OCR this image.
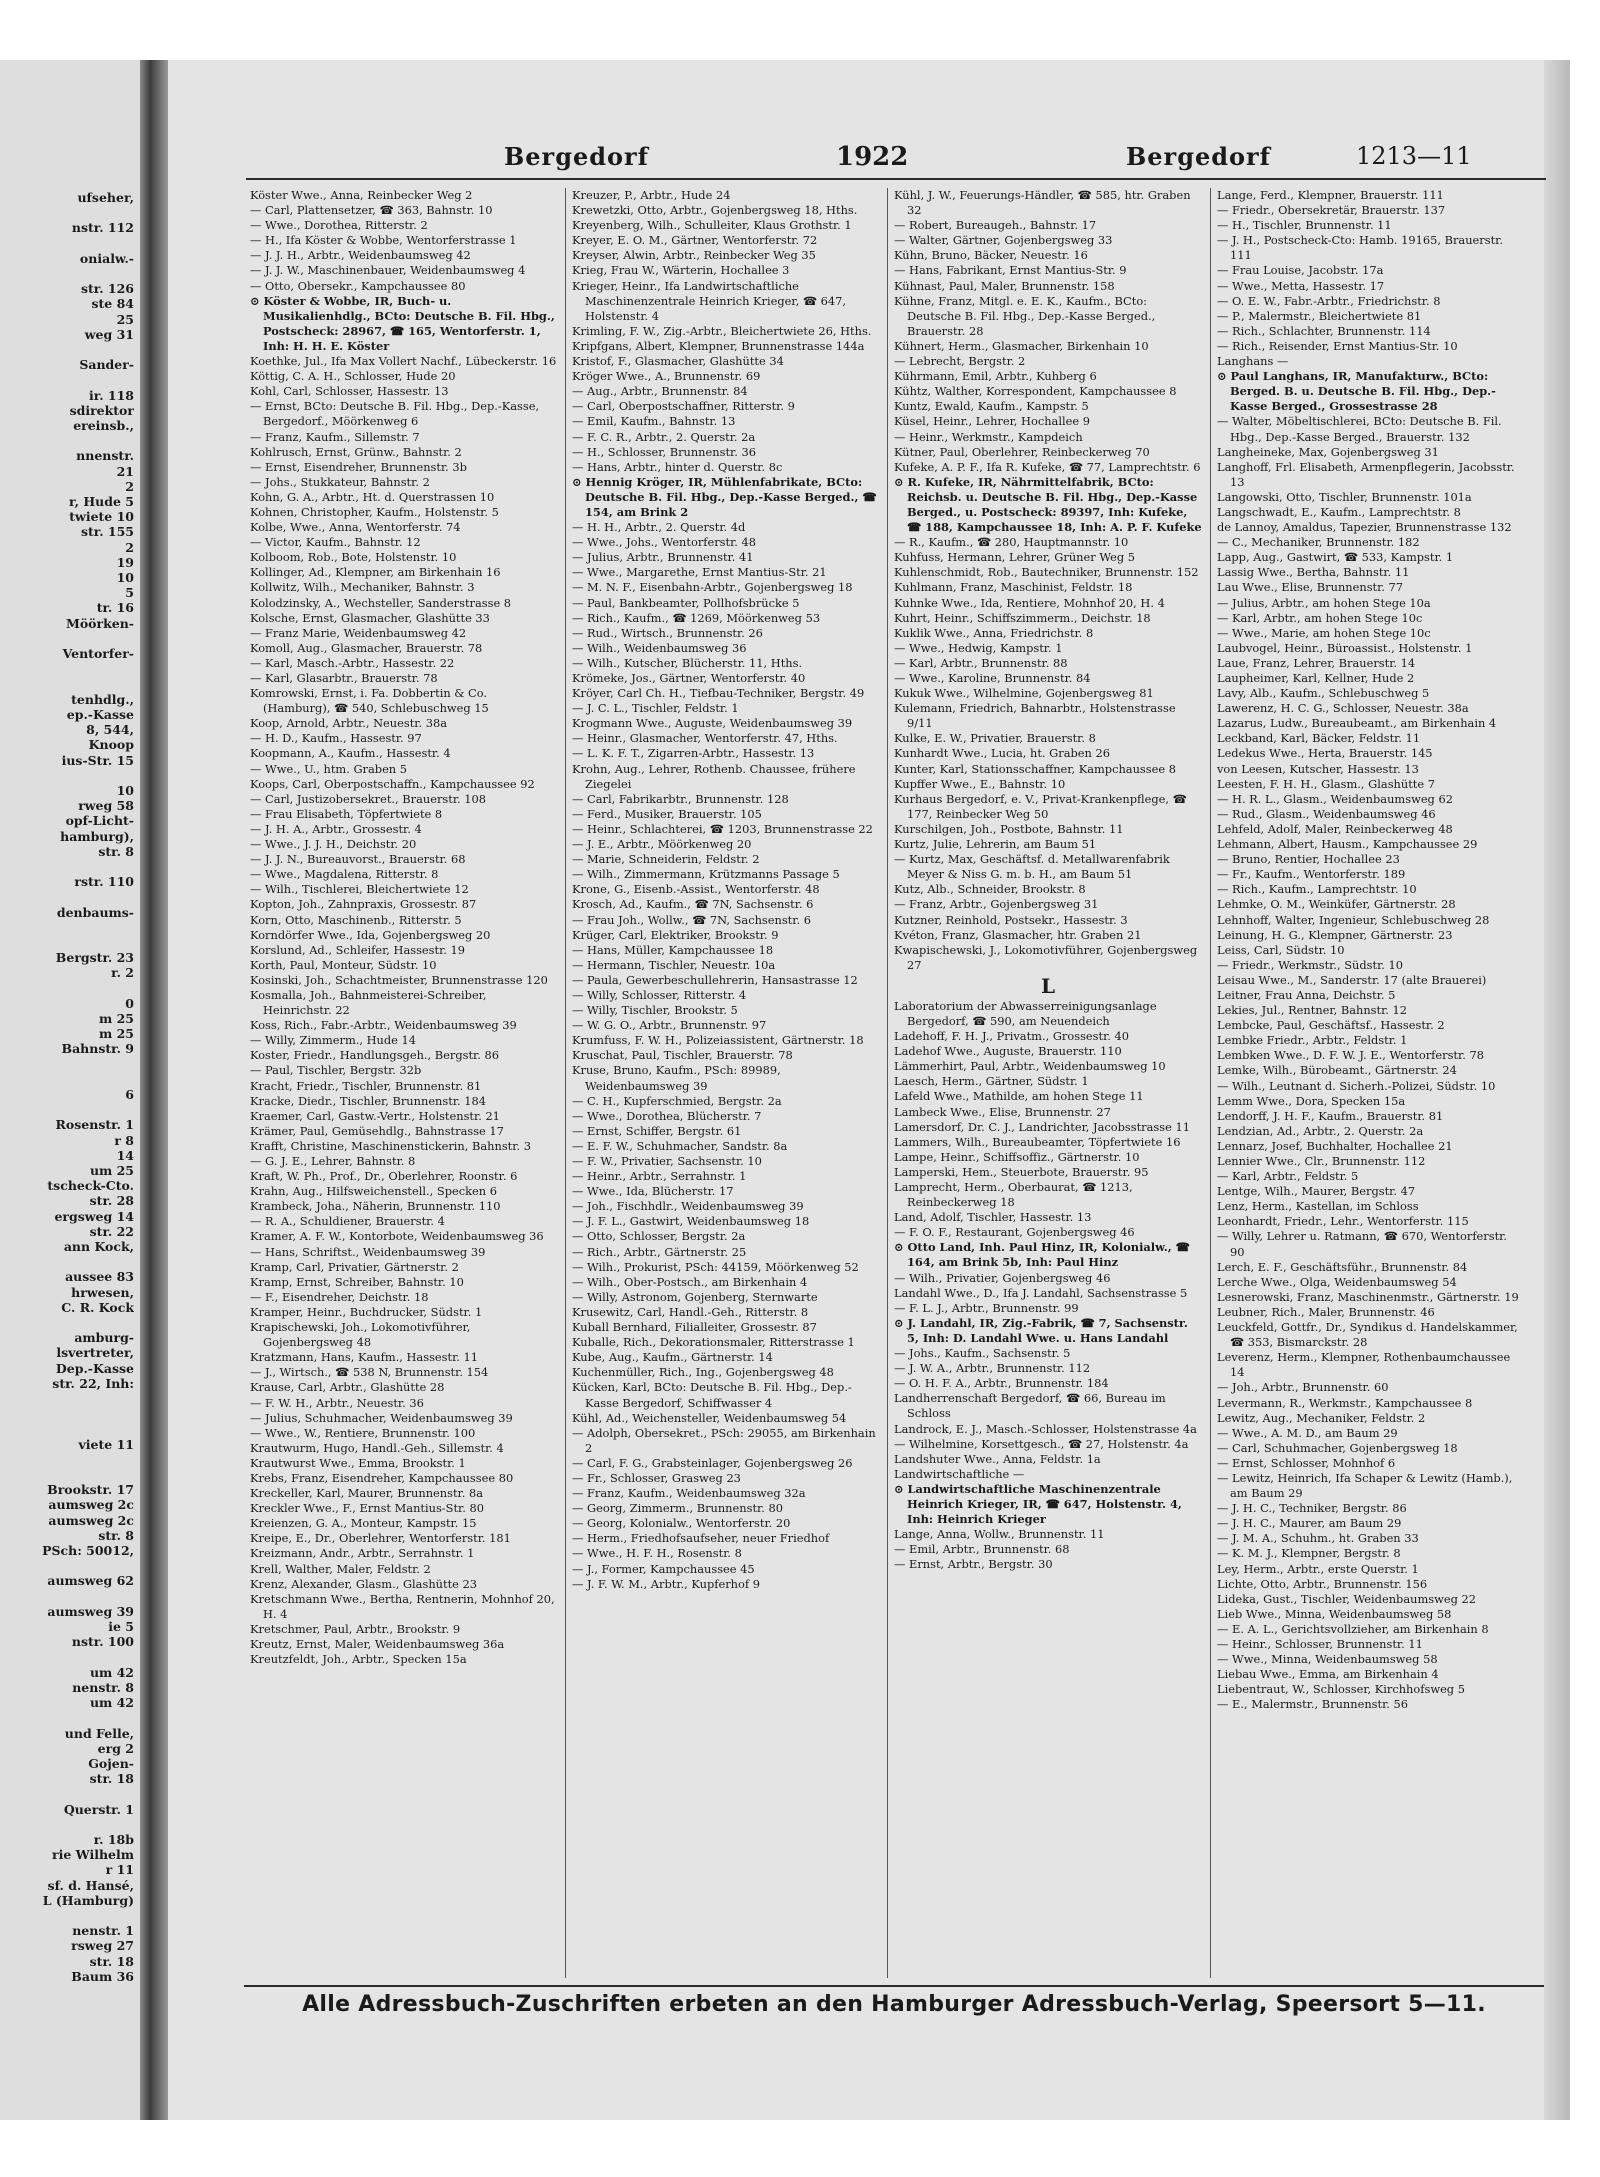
ufseher,

nstr. 112

onialw.-

str. 126
ste 84
25
weg 31

Sander-

ir. 118
sdirektor
ereinsb.,

nnenstr.
21
2
r, Hude 5
twiete 10
str. 155
2
19
10
5
tr. 16
Möörken-

Ventorfer-

tenhdlg.,
ep.-Kasse
8, 544,
Knoop
ius-Str. 15

10
rweg 58
opf-Licht-
hamburg),
str. 8

rstr. 110

denbaums-

Bergstr. 23
r. 2

0
m 25
m 25
Bahnstr. 9

6

Rosenstr. 1
r 8
14
um 25
tscheck-Cto.
str. 28
ergsweg 14
str. 22
ann Kock,

aussee 83
hrwesen,
C. R. Kock

amburg-
lsvertreter,
Dep.-Kasse
str. 22, Inh:

viete 11

Brookstr. 17
aumsweg 2c
aumsweg 2c
str. 8
PSch: 50012,

aumsweg 62

aumsweg 39
ie 5
nstr. 100

um 42
nenstr. 8
um 42

und Felle,
erg 2
Gojen-
str. 18

Querstr. 1

r. 18b
rie Wilhelm
r 11
sf. d. Hansé,
L (Hamburg)

nenstr. 1
rsweg 27
str. 18
Baum 36
Bergedorf	1922	Bergedorf	1213—11
Köster Wwe., Anna, Reinbecker Weg 2
— Carl, Plattensetzer, ☎ 363, Bahnstr. 10
— Wwe., Dorothea, Ritterstr. 2
— H., Ifa Köster & Wobbe, Wentorferstrasse 1
— J. J. H., Arbtr., Weidenbaumsweg 42
— J. J. W., Maschinenbauer, Weidenbaumsweg 4
— Otto, Obersekr., Kampchaussee 80
⊙ Köster & Wobbe, IR, Buch- u. Musikalienhdlg., BCto: Deutsche B. Fil. Hbg., Postscheck: 28967, ☎ 165, Wentorferstr. 1, Inh: H. H. E. Köster
Koethke, Jul., Ifa Max Vollert Nachf., Lübeckerstr. 16
Köttig, C. A. H., Schlosser, Hude 20
Kohl, Carl, Schlosser, Hassestr. 13
— Ernst, BCto: Deutsche B. Fil. Hbg., Dep.-Kasse, Bergedorf., Möörkenweg 6
— Franz, Kaufm., Sillemstr. 7
Kohlrusch, Ernst, Grünw., Bahnstr. 2
— Ernst, Eisendreher, Brunnenstr. 3b
— Johs., Stukkateur, Bahnstr. 2
Kohn, G. A., Arbtr., Ht. d. Querstrassen 10
Kohnen, Christopher, Kaufm., Holstenstr. 5
Kolbe, Wwe., Anna, Wentorferstr. 74
— Victor, Kaufm., Bahnstr. 12
Kolboom, Rob., Bote, Holstenstr. 10
Kollinger, Ad., Klempner, am Birkenhain 16
Kollwitz, Wilh., Mechaniker, Bahnstr. 3
Kolodzinsky, A., Wechsteller, Sanderstrasse 8
Kolsche, Ernst, Glasmacher, Glashütte 33
— Franz Marie, Weidenbaumsweg 42
Komoll, Aug., Glasmacher, Brauerstr. 78
— Karl, Masch.-Arbtr., Hassestr. 22
— Karl, Glasarbtr., Brauerstr. 78
Komrowski, Ernst, i. Fa. Dobbertin & Co. (Hamburg), ☎ 540, Schlebuschweg 15
Koop, Arnold, Arbtr., Neuestr. 38a
— H. D., Kaufm., Hassestr. 97
Koopmann, A., Kaufm., Hassestr. 4
— Wwe., U., htm. Graben 5
Koops, Carl, Oberpostschaffn., Kampchaussee 92
— Carl, Justizobersekret., Brauerstr. 108
— Frau Elisabeth, Töpfertwiete 8
— J. H. A., Arbtr., Grossestr. 4
— Wwe., J. J. H., Deichstr. 20
— J. J. N., Bureauvorst., Brauerstr. 68
— Wwe., Magdalena, Ritterstr. 8
— Wilh., Tischlerei, Bleichertwiete 12
Kopton, Joh., Zahnpraxis, Grossestr. 87
Korn, Otto, Maschinenb., Ritterstr. 5
Korndörfer Wwe., Ida, Gojenbergsweg 20
Korslund, Ad., Schleifer, Hassestr. 19
Korth, Paul, Monteur, Südstr. 10
Kosinski, Joh., Schachtmeister, Brunnenstrasse 120
Kosmalla, Joh., Bahnmeisterei-Schreiber, Heinrichstr. 22
Koss, Rich., Fabr.-Arbtr., Weidenbaumsweg 39
— Willy, Zimmerm., Hude 14
Koster, Friedr., Handlungsgeh., Bergstr. 86
— Paul, Tischler, Bergstr. 32b
Kracht, Friedr., Tischler, Brunnenstr. 81
Kracke, Diedr., Tischler, Brunnenstr. 184
Kraemer, Carl, Gastw.-Vertr., Holstenstr. 21
Krämer, Paul, Gemüsehdlg., Bahnstrasse 17
Krafft, Christine, Maschinenstickerin, Bahnstr. 3
— G. J. E., Lehrer, Bahnstr. 8
Kraft, W. Ph., Prof., Dr., Oberlehrer, Roonstr. 6
Krahn, Aug., Hilfsweichenstell., Specken 6
Krambeck, Joha., Näherin, Brunnenstr. 110
— R. A., Schuldiener, Brauerstr. 4
Kramer, A. F. W., Kontorbote, Weidenbaumsweg 36
— Hans, Schriftst., Weidenbaumsweg 39
Kramp, Carl, Privatier, Gärtnerstr. 2
Kramp, Ernst, Schreiber, Bahnstr. 10
— F., Eisendreher, Deichstr. 18
Kramper, Heinr., Buchdrucker, Südstr. 1
Krapischewski, Joh., Lokomotivführer, Gojenbergsweg 48
Kratzmann, Hans, Kaufm., Hassestr. 11
— J., Wirtsch., ☎ 538 N, Brunnenstr. 154
Krause, Carl, Arbtr., Glashütte 28
— F. W. H., Arbtr., Neuestr. 36
— Julius, Schuhmacher, Weidenbaumsweg 39
— Wwe., W., Rentiere, Brunnenstr. 100
Krautwurm, Hugo, Handl.-Geh., Sillemstr. 4
Krautwurst Wwe., Emma, Brookstr. 1
Krebs, Franz, Eisendreher, Kampchaussee 80
Kreckeller, Karl, Maurer, Brunnenstr. 8a
Kreckler Wwe., F., Ernst Mantius-Str. 80
Kreienzen, G. A., Monteur, Kampstr. 15
Kreipe, E., Dr., Oberlehrer, Wentorferstr. 181
Kreizmann, Andr., Arbtr., Serrahnstr. 1
Krell, Walther, Maler, Feldstr. 2
Krenz, Alexander, Glasm., Glashütte 23
Kretschmann Wwe., Bertha, Rentnerin, Mohnhof 20, H. 4
Kretschmer, Paul, Arbtr., Brookstr. 9
Kreutz, Ernst, Maler, Weidenbaumsweg 36a
Kreutzfeldt, Joh., Arbtr., Specken 15a
Kreuzer, P., Arbtr., Hude 24
Krewetzki, Otto, Arbtr., Gojenbergsweg 18, Hths.
Kreyenberg, Wilh., Schulleiter, Klaus Grothstr. 1
Kreyer, E. O. M., Gärtner, Wentorferstr. 72
Kreyser, Alwin, Arbtr., Reinbecker Weg 35
Krieg, Frau W., Wärterin, Hochallee 3
Krieger, Heinr., Ifa Landwirtschaftliche Maschinenzentrale Heinrich Krieger, ☎ 647, Holstenstr. 4
Krimling, F. W., Zig.-Arbtr., Bleichertwiete 26, Hths.
Kripfgans, Albert, Klempner, Brunnenstrasse 144a
Kristof, F., Glasmacher, Glashütte 34
Kröger Wwe., A., Brunnenstr. 69
— Aug., Arbtr., Brunnenstr. 84
— Carl, Oberpostschaffner, Ritterstr. 9
— Emil, Kaufm., Bahnstr. 13
— F. C. R., Arbtr., 2. Querstr. 2a
— H., Schlosser, Brunnenstr. 36
— Hans, Arbtr., hinter d. Querstr. 8c
⊙ Hennig Kröger, IR, Mühlenfabrikate, BCto: Deutsche B. Fil. Hbg., Dep.-Kasse Berged., ☎ 154, am Brink 2
— H. H., Arbtr., 2. Querstr. 4d
— Wwe., Johs., Wentorferstr. 48
— Julius, Arbtr., Brunnenstr. 41
— Wwe., Margarethe, Ernst Mantius-Str. 21
— M. N. F., Eisenbahn-Arbtr., Gojenbergsweg 18
— Paul, Bankbeamter, Pollhofsbrücke 5
— Rich., Kaufm., ☎ 1269, Möörkenweg 53
— Rud., Wirtsch., Brunnenstr. 26
— Wilh., Weidenbaumsweg 36
— Wilh., Kutscher, Blücherstr. 11, Hths.
Krömeke, Jos., Gärtner, Wentorferstr. 40
Kröyer, Carl Ch. H., Tiefbau-Techniker, Bergstr. 49
— J. C. L., Tischler, Feldstr. 1
Krogmann Wwe., Auguste, Weidenbaumsweg 39
— Heinr., Glasmacher, Wentorferstr. 47, Hths.
— L. K. F. T., Zigarren-Arbtr., Hassestr. 13
Krohn, Aug., Lehrer, Rothenb. Chaussee, frühere Ziegelei
— Carl, Fabrikarbtr., Brunnenstr. 128
— Ferd., Musiker, Brauerstr. 105
— Heinr., Schlachterei, ☎ 1203, Brunnenstrasse 22
— J. E., Arbtr., Möörkenweg 20
— Marie, Schneiderin, Feldstr. 2
— Wilh., Zimmermann, Krützmanns Passage 5
Krone, G., Eisenb.-Assist., Wentorferstr. 48
Krosch, Ad., Kaufm., ☎ 7N, Sachsenstr. 6
— Frau Joh., Wollw., ☎ 7N, Sachsenstr. 6
Krüger, Carl, Elektriker, Brookstr. 9
— Hans, Müller, Kampchaussee 18
— Hermann, Tischler, Neuestr. 10a
— Paula, Gewerbeschullehrerin, Hansastrasse 12
— Willy, Schlosser, Ritterstr. 4
— Willy, Tischler, Brookstr. 5
— W. G. O., Arbtr., Brunnenstr. 97
Krumfuss, F. W. H., Polizeiassistent, Gärtnerstr. 18
Kruschat, Paul, Tischler, Brauerstr. 78
Kruse, Bruno, Kaufm., PSch: 89989, Weidenbaumsweg 39
— C. H., Kupferschmied, Bergstr. 2a
— Wwe., Dorothea, Blücherstr. 7
— Ernst, Schiffer, Bergstr. 61
— E. F. W., Schuhmacher, Sandstr. 8a
— F. W., Privatier, Sachsenstr. 10
— Heinr., Arbtr., Serrahnstr. 1
— Wwe., Ida, Blücherstr. 17
— Joh., Fischhdlr., Weidenbaumsweg 39
— J. F. L., Gastwirt, Weidenbaumsweg 18
— Otto, Schlosser, Bergstr. 2a
— Rich., Arbtr., Gärtnerstr. 25
— Wilh., Prokurist, PSch: 44159, Möörkenweg 52
— Wilh., Ober-Postsch., am Birkenhain 4
— Willy, Astronom, Gojenberg, Sternwarte
Krusewitz, Carl, Handl.-Geh., Ritterstr. 8
Kuball Bernhard, Filialleiter, Grossestr. 87
Kuballe, Rich., Dekorationsmaler, Ritterstrasse 1
Kube, Aug., Kaufm., Gärtnerstr. 14
Kuchenmüller, Rich., Ing., Gojenbergsweg 48
Kücken, Karl, BCto: Deutsche B. Fil. Hbg., Dep.-Kasse Bergedorf, Schiffwasser 4
Kühl, Ad., Weichensteller, Weidenbaumsweg 54
— Adolph, Obersekret., PSch: 29055, am Birkenhain 2
— Carl, F. G., Grabsteinlager, Gojenbergsweg 26
— Fr., Schlosser, Grasweg 23
— Franz, Kaufm., Weidenbaumsweg 32a
— Georg, Zimmerm., Brunnenstr. 80
— Georg, Kolonialw., Wentorferstr. 20
— Herm., Friedhofsaufseher, neuer Friedhof
— Wwe., H. F. H., Rosenstr. 8
— J., Former, Kampchaussee 45
— J. F. W. M., Arbtr., Kupferhof 9
Kühl, J. W., Feuerungs-Händler, ☎ 585, htr. Graben 32
— Robert, Bureaugeh., Bahnstr. 17
— Walter, Gärtner, Gojenbergsweg 33
Kühn, Bruno, Bäcker, Neuestr. 16
— Hans, Fabrikant, Ernst Mantius-Str. 9
Kühnast, Paul, Maler, Brunnenstr. 158
Kühne, Franz, Mitgl. e. E. K., Kaufm., BCto: Deutsche B. Fil. Hbg., Dep.-Kasse Berged., Brauerstr. 28
Kühnert, Herm., Glasmacher, Birkenhain 10
— Lebrecht, Bergstr. 2
Kührmann, Emil, Arbtr., Kuhberg 6
Kühtz, Walther, Korrespondent, Kampchaussee 8
Kuntz, Ewald, Kaufm., Kampstr. 5
Küsel, Heinr., Lehrer, Hochallee 9
— Heinr., Werkmstr., Kampdeich
Kütner, Paul, Oberlehrer, Reinbeckerweg 70
Kufeke, A. P. F., Ifa R. Kufeke, ☎ 77, Lamprechtstr. 6
⊙ R. Kufeke, IR, Nährmittelfabrik, BCto: Reichsb. u. Deutsche B. Fil. Hbg., Dep.-Kasse Berged., u. Postscheck: 89397, Inh: Kufeke, ☎ 188, Kampchaussee 18, Inh: A. P. F. Kufeke
— R., Kaufm., ☎ 280, Hauptmannstr. 10
Kuhfuss, Hermann, Lehrer, Grüner Weg 5
Kuhlenschmidt, Rob., Bautechniker, Brunnenstr. 152
Kuhlmann, Franz, Maschinist, Feldstr. 18
Kuhnke Wwe., Ida, Rentiere, Mohnhof 20, H. 4
Kuhrt, Heinr., Schiffszimmerm., Deichstr. 18
Kuklik Wwe., Anna, Friedrichstr. 8
— Wwe., Hedwig, Kampstr. 1
— Karl, Arbtr., Brunnenstr. 88
— Wwe., Karoline, Brunnenstr. 84
Kukuk Wwe., Wilhelmine, Gojenbergsweg 81
Kulemann, Friedrich, Bahnarbtr., Holstenstrasse 9/11
Kulke, E. W., Privatier, Brauerstr. 8
Kunhardt Wwe., Lucia, ht. Graben 26
Kunter, Karl, Stationsschaffner, Kampchaussee 8
Kupffer Wwe., E., Bahnstr. 10
Kurhaus Bergedorf, e. V., Privat-Krankenpflege, ☎ 177, Reinbecker Weg 50
Kurschilgen, Joh., Postbote, Bahnstr. 11
Kurtz, Julie, Lehrerin, am Baum 51
— Kurtz, Max, Geschäftsf. d. Metallwarenfabrik Meyer & Niss G. m. b. H., am Baum 51
Kutz, Alb., Schneider, Brookstr. 8
— Franz, Arbtr., Gojenbergsweg 31
Kutzner, Reinhold, Postsekr., Hassestr. 3
Kvéton, Franz, Glasmacher, htr. Graben 21
Kwapischewski, J., Lokomotivführer, Gojenbergsweg 27
L
Laboratorium der Abwasserreinigungsanlage Bergedorf, ☎ 590, am Neuendeich
Ladehoff, F. H. J., Privatm., Grossestr. 40
Ladehof Wwe., Auguste, Brauerstr. 110
Lämmerhirt, Paul, Arbtr., Weidenbaumsweg 10
Laesch, Herm., Gärtner, Südstr. 1
Lafeld Wwe., Mathilde, am hohen Stege 11
Lambeck Wwe., Elise, Brunnenstr. 27
Lamersdorf, Dr. C. J., Landrichter, Jacobsstrasse 11
Lammers, Wilh., Bureaubeamter, Töpfertwiete 16
Lampe, Heinr., Schiffsoffiz., Gärtnerstr. 10
Lamperski, Hem., Steuerbote, Brauerstr. 95
Lamprecht, Herm., Oberbaurat, ☎ 1213, Reinbeckerweg 18
Land, Adolf, Tischler, Hassestr. 13
— F. O. F., Restaurant, Gojenbergsweg 46
⊙ Otto Land, Inh. Paul Hinz, IR, Kolonialw., ☎ 164, am Brink 5b, Inh: Paul Hinz
— Wilh., Privatier, Gojenbergsweg 46
Landahl Wwe., D., Ifa J. Landahl, Sachsenstrasse 5
— F. L. J., Arbtr., Brunnenstr. 99
⊙ J. Landahl, IR, Zig.-Fabrik, ☎ 7, Sachsenstr. 5, Inh: D. Landahl Wwe. u. Hans Landahl
— Johs., Kaufm., Sachsenstr. 5
— J. W. A., Arbtr., Brunnenstr. 112
— O. H. F. A., Arbtr., Brunnenstr. 184
Landherrenschaft Bergedorf, ☎ 66, Bureau im Schloss
Landrock, E. J., Masch.-Schlosser, Holstenstrasse 4a
— Wilhelmine, Korsettgesch., ☎ 27, Holstenstr. 4a
Landshuter Wwe., Anna, Feldstr. 1a
Landwirtschaftliche —
⊙ Landwirtschaftliche Maschinenzentrale Heinrich Krieger, IR, ☎ 647, Holstenstr. 4, Inh: Heinrich Krieger
Lange, Anna, Wollw., Brunnenstr. 11
— Emil, Arbtr., Brunnenstr. 68
— Ernst, Arbtr., Bergstr. 30
Lange, Ferd., Klempner, Brauerstr. 111
— Friedr., Obersekretär, Brauerstr. 137
— H., Tischler, Brunnenstr. 11
— J. H., Postscheck-Cto: Hamb. 19165, Brauerstr. 111
— Frau Louise, Jacobstr. 17a
— Wwe., Metta, Hassestr. 17
— O. E. W., Fabr.-Arbtr., Friedrichstr. 8
— P., Malermstr., Bleichertwiete 81
— Rich., Schlachter, Brunnenstr. 114
— Rich., Reisender, Ernst Mantius-Str. 10
Langhans —
⊙ Paul Langhans, IR, Manufakturw., BCto: Berged. B. u. Deutsche B. Fil. Hbg., Dep.-Kasse Berged., Grossestrasse 28
— Walter, Möbeltischlerei, BCto: Deutsche B. Fil. Hbg., Dep.-Kasse Berged., Brauerstr. 132
Langheineke, Max, Gojenbergsweg 31
Langhoff, Frl. Elisabeth, Armenpflegerin, Jacobsstr. 13
Langowski, Otto, Tischler, Brunnenstr. 101a
Langschwadt, E., Kaufm., Lamprechtstr. 8
de Lannoy, Amaldus, Tapezier, Brunnenstrasse 132
— C., Mechaniker, Brunnenstr. 182
Lapp, Aug., Gastwirt, ☎ 533, Kampstr. 1
Lassig Wwe., Bertha, Bahnstr. 11
Lau Wwe., Elise, Brunnenstr. 77
— Julius, Arbtr., am hohen Stege 10a
— Karl, Arbtr., am hohen Stege 10c
— Wwe., Marie, am hohen Stege 10c
Laubvogel, Heinr., Büroassist., Holstenstr. 1
Laue, Franz, Lehrer, Brauerstr. 14
Laupheimer, Karl, Kellner, Hude 2
Lavy, Alb., Kaufm., Schlebuschweg 5
Lawerenz, H. C. G., Schlosser, Neuestr. 38a
Lazarus, Ludw., Bureaubeamt., am Birkenhain 4
Leckband, Karl, Bäcker, Feldstr. 11
Ledekus Wwe., Herta, Brauerstr. 145
von Leesen, Kutscher, Hassestr. 13
Leesten, F. H. H., Glasm., Glashütte 7
— H. R. L., Glasm., Weidenbaumsweg 62
— Rud., Glasm., Weidenbaumsweg 46
Lehfeld, Adolf, Maler, Reinbeckerweg 48
Lehmann, Albert, Hausm., Kampchaussee 29
— Bruno, Rentier, Hochallee 23
— Fr., Kaufm., Wentorferstr. 189
— Rich., Kaufm., Lamprechtstr. 10
Lehmke, O. M., Weinküfer, Gärtnerstr. 28
Lehnhoff, Walter, Ingenieur, Schlebuschweg 28
Leinung, H. G., Klempner, Gärtnerstr. 23
Leiss, Carl, Südstr. 10
— Friedr., Werkmstr., Südstr. 10
Leisau Wwe., M., Sanderstr. 17 (alte Brauerei)
Leitner, Frau Anna, Deichstr. 5
Lekies, Jul., Rentner, Bahnstr. 12
Lembcke, Paul, Geschäftsf., Hassestr. 2
Lembke Friedr., Arbtr., Feldstr. 1
Lembken Wwe., D. F. W. J. E., Wentorferstr. 78
Lemke, Wilh., Bürobeamt., Gärtnerstr. 24
— Wilh., Leutnant d. Sicherh.-Polizei, Südstr. 10
Lemm Wwe., Dora, Specken 15a
Lendorff, J. H. F., Kaufm., Brauerstr. 81
Lendzian, Ad., Arbtr., 2. Querstr. 2a
Lennarz, Josef, Buchhalter, Hochallee 21
Lennier Wwe., Clr., Brunnenstr. 112
— Karl, Arbtr., Feldstr. 5
Lentge, Wilh., Maurer, Bergstr. 47
Lenz, Herm., Kastellan, im Schloss
Leonhardt, Friedr., Lehr., Wentorferstr. 115
— Willy, Lehrer u. Ratmann, ☎ 670, Wentorferstr. 90
Lerch, E. F., Geschäftsführ., Brunnenstr. 84
Lerche Wwe., Olga, Weidenbaumsweg 54
Lesnerowski, Franz, Maschinenmstr., Gärtnerstr. 19
Leubner, Rich., Maler, Brunnenstr. 46
Leuckfeld, Gottfr., Dr., Syndikus d. Handelskammer, ☎ 353, Bismarckstr. 28
Leverenz, Herm., Klempner, Rothenbaumchaussee 14
— Joh., Arbtr., Brunnenstr. 60
Levermann, R., Werkmstr., Kampchaussee 8
Lewitz, Aug., Mechaniker, Feldstr. 2
— Wwe., A. M. D., am Baum 29
— Carl, Schuhmacher, Gojenbergsweg 18
— Ernst, Schlosser, Mohnhof 6
— Lewitz, Heinrich, Ifa Schaper & Lewitz (Hamb.), am Baum 29
— J. H. C., Techniker, Bergstr. 86
— J. H. C., Maurer, am Baum 29
— J. M. A., Schuhm., ht. Graben 33
— K. M. J., Klempner, Bergstr. 8
Ley, Herm., Arbtr., erste Querstr. 1
Lichte, Otto, Arbtr., Brunnenstr. 156
Lideka, Gust., Tischler, Weidenbaumsweg 22
Lieb Wwe., Minna, Weidenbaumsweg 58
— E. A. L., Gerichtsvollzieher, am Birkenhain 8
— Heinr., Schlosser, Brunnenstr. 11
— Wwe., Minna, Weidenbaumsweg 58
Liebau Wwe., Emma, am Birkenhain 4
Liebentraut, W., Schlosser, Kirchhofsweg 5
— E., Malermstr., Brunnenstr. 56
Alle Adressbuch-Zuschriften erbeten an den Hamburger Adressbuch-Verlag, Speersort 5—11.
